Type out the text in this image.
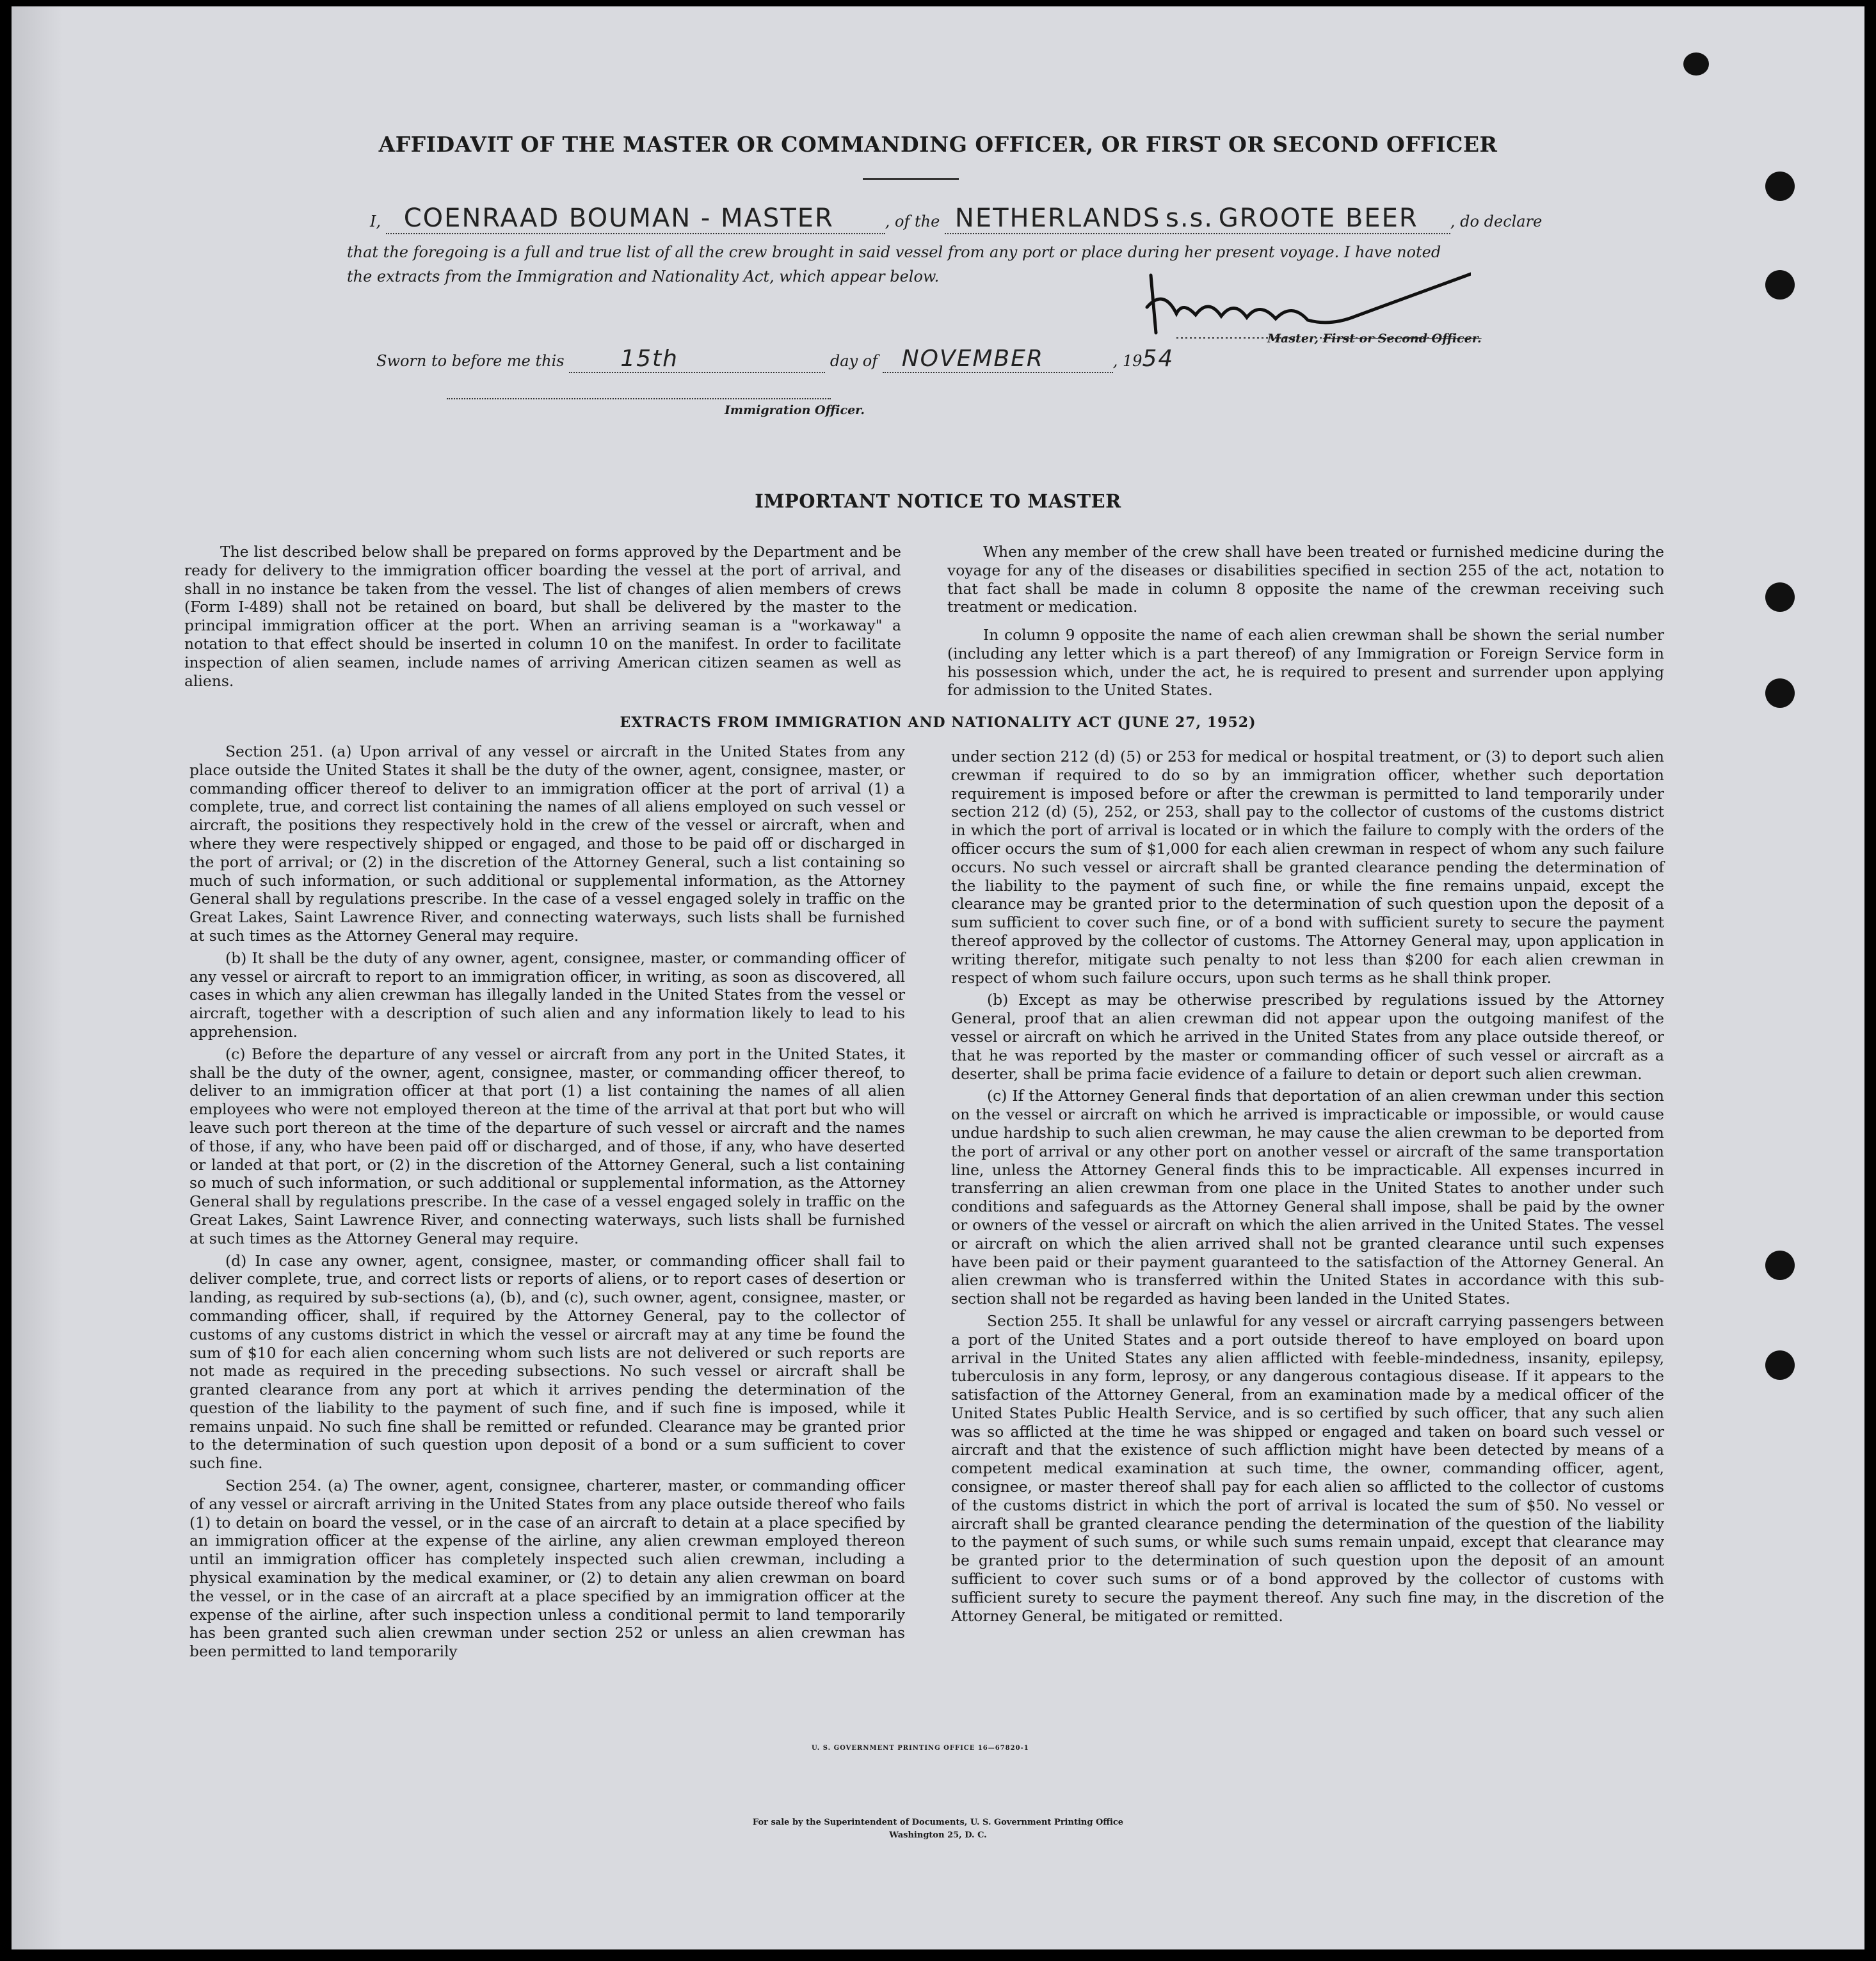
AFFIDAVIT OF THE MASTER OR COMMANDING OFFICER, OR FIRST OR SECOND OFFICER
I, COENRAAD BOUMAN - MASTER	, of the NETHERLANDS s.s. GROOTE BEER , do declare
that the foregoing is a full and true list of all the crew brought in said vessel from any port or place during her present voyage. I have noted
the extracts from the Immigration and Nationality Act, which appear below.
Master, First or Second Officer.
Sworn to before me this 15th	day of NOVEMBER	, 1954
Immigration Officer.
IMPORTANT NOTICE TO MASTER

The list described below shall be prepared on forms approved by the Department and be ready for delivery to the immigration officer boarding the vessel at the port of arrival, and shall in no instance be taken from the vessel. The list of changes of alien members of crews (Form I-489) shall not be retained on board, but shall be delivered by the master to the principal immigration officer at the port. When an arriving seaman is a "workaway" a notation to that effect should be inserted in column 10 on the manifest. In order to facilitate inspection of alien seamen, include names of arriving American citizen seamen as well as aliens.

When any member of the crew shall have been treated or furnished medicine during the voyage for any of the diseases or disabilities specified in section 255 of the act, notation to that fact shall be made in column 8 opposite the name of the crewman receiving such treatment or medication.

In column 9 opposite the name of each alien crewman shall be shown the serial number (including any letter which is a part thereof) of any Immigration or Foreign Service form in his possession which, under the act, he is required to present and surrender upon applying for admission to the United States.

EXTRACTS FROM IMMIGRATION AND NATIONALITY ACT (JUNE 27, 1952)

Section 251. (a) Upon arrival of any vessel or aircraft in the United States from any place outside the United States it shall be the duty of the owner, agent, consignee, master, or commanding officer thereof to deliver to an immigration officer at the port of arrival (1) a complete, true, and correct list containing the names of all aliens employed on such vessel or aircraft, the positions they respectively hold in the crew of the vessel or aircraft, when and where they were respectively shipped or engaged, and those to be paid off or discharged in the port of arrival; or (2) in the discretion of the Attorney General, such a list containing so much of such information, or such additional or supplemental information, as the Attorney General shall by regulations prescribe. In the case of a vessel engaged solely in traffic on the Great Lakes, Saint Lawrence River, and connecting waterways, such lists shall be furnished at such times as the Attorney General may require.

(b) It shall be the duty of any owner, agent, consignee, master, or commanding officer of any vessel or aircraft to report to an immigration officer, in writing, as soon as discovered, all cases in which any alien crewman has illegally landed in the United States from the vessel or aircraft, together with a description of such alien and any information likely to lead to his apprehension.

(c) Before the departure of any vessel or aircraft from any port in the United States, it shall be the duty of the owner, agent, consignee, master, or commanding officer thereof, to deliver to an immigration officer at that port (1) a list containing the names of all alien employees who were not employed thereon at the time of the arrival at that port but who will leave such port thereon at the time of the departure of such vessel or aircraft and the names of those, if any, who have been paid off or discharged, and of those, if any, who have deserted or landed at that port, or (2) in the discretion of the Attorney General, such a list containing so much of such information, or such additional or supplemental information, as the Attorney General shall by regulations prescribe. In the case of a vessel engaged solely in traffic on the Great Lakes, Saint Lawrence River, and connecting waterways, such lists shall be furnished at such times as the Attorney General may require.

(d) In case any owner, agent, consignee, master, or commanding officer shall fail to deliver complete, true, and correct lists or reports of aliens, or to report cases of desertion or landing, as required by sub-sections (a), (b), and (c), such owner, agent, consignee, master, or commanding officer, shall, if required by the Attorney General, pay to the collector of customs of any customs district in which the vessel or aircraft may at any time be found the sum of $10 for each alien concerning whom such lists are not delivered or such reports are not made as required in the preceding subsections. No such vessel or aircraft shall be granted clearance from any port at which it arrives pending the determination of the question of the liability to the payment of such fine, and if such fine is imposed, while it remains unpaid. No such fine shall be remitted or refunded. Clearance may be granted prior to the determination of such question upon deposit of a bond or a sum sufficient to cover such fine.

Section 254. (a) The owner, agent, consignee, charterer, master, or commanding officer of any vessel or aircraft arriving in the United States from any place outside thereof who fails (1) to detain on board the vessel, or in the case of an aircraft to detain at a place specified by an immigration officer at the expense of the airline, any alien crewman employed thereon until an immigration officer has completely inspected such alien crewman, including a physical examination by the medical examiner, or (2) to detain any alien crewman on board the vessel, or in the case of an aircraft at a place specified by an immigration officer at the expense of the airline, after such inspection unless a conditional permit to land temporarily has been granted such alien crewman under section 252 or unless an alien crewman has been permitted to land temporarily

under section 212 (d) (5) or 253 for medical or hospital treatment, or (3) to deport such alien crewman if required to do so by an immigration officer, whether such deportation requirement is imposed before or after the crewman is permitted to land temporarily under section 212 (d) (5), 252, or 253, shall pay to the collector of customs of the customs district in which the port of arrival is located or in which the failure to comply with the orders of the officer occurs the sum of $1,000 for each alien crewman in respect of whom any such failure occurs. No such vessel or aircraft shall be granted clearance pending the determination of the liability to the payment of such fine, or while the fine remains unpaid, except the clearance may be granted prior to the determination of such question upon the deposit of a sum sufficient to cover such fine, or of a bond with sufficient surety to secure the payment thereof approved by the collector of customs. The Attorney General may, upon application in writing therefor, mitigate such penalty to not less than $200 for each alien crewman in respect of whom such failure occurs, upon such terms as he shall think proper.

(b) Except as may be otherwise prescribed by regulations issued by the Attorney General, proof that an alien crewman did not appear upon the outgoing manifest of the vessel or aircraft on which he arrived in the United States from any place outside thereof, or that he was reported by the master or commanding officer of such vessel or aircraft as a deserter, shall be prima facie evidence of a failure to detain or deport such alien crewman.

(c) If the Attorney General finds that deportation of an alien crewman under this section on the vessel or aircraft on which he arrived is impracticable or impossible, or would cause undue hardship to such alien crewman, he may cause the alien crewman to be deported from the port of arrival or any other port on another vessel or aircraft of the same transportation line, unless the Attorney General finds this to be impracticable. All expenses incurred in transferring an alien crewman from one place in the United States to another under such conditions and safeguards as the Attorney General shall impose, shall be paid by the owner or owners of the vessel or aircraft on which the alien arrived in the United States. The vessel or aircraft on which the alien arrived shall not be granted clearance until such expenses have been paid or their payment guaranteed to the satisfaction of the Attorney General. An alien crewman who is transferred within the United States in accordance with this sub-section shall not be regarded as having been landed in the United States.

Section 255. It shall be unlawful for any vessel or aircraft carrying passengers between a port of the United States and a port outside thereof to have employed on board upon arrival in the United States any alien afflicted with feeble-mindedness, insanity, epilepsy, tuberculosis in any form, leprosy, or any dangerous contagious disease. If it appears to the satisfaction of the Attorney General, from an examination made by a medical officer of the United States Public Health Service, and is so certified by such officer, that any such alien was so afflicted at the time he was shipped or engaged and taken on board such vessel or aircraft and that the existence of such affliction might have been detected by means of a competent medical examination at such time, the owner, commanding officer, agent, consignee, or master thereof shall pay for each alien so afflicted to the collector of customs of the customs district in which the port of arrival is located the sum of $50. No vessel or aircraft shall be granted clearance pending the determination of the question of the liability to the payment of such sums, or while such sums remain unpaid, except that clearance may be granted prior to the determination of such question upon the deposit of an amount sufficient to cover such sums or of a bond approved by the collector of customs with sufficient surety to secure the payment thereof. Any such fine may, in the discretion of the Attorney General, be mitigated or remitted.

U. S. GOVERNMENT PRINTING OFFICE 16—67820-1
For sale by the Superintendent of Documents, U. S. Government Printing Office
Washington 25, D. C.
